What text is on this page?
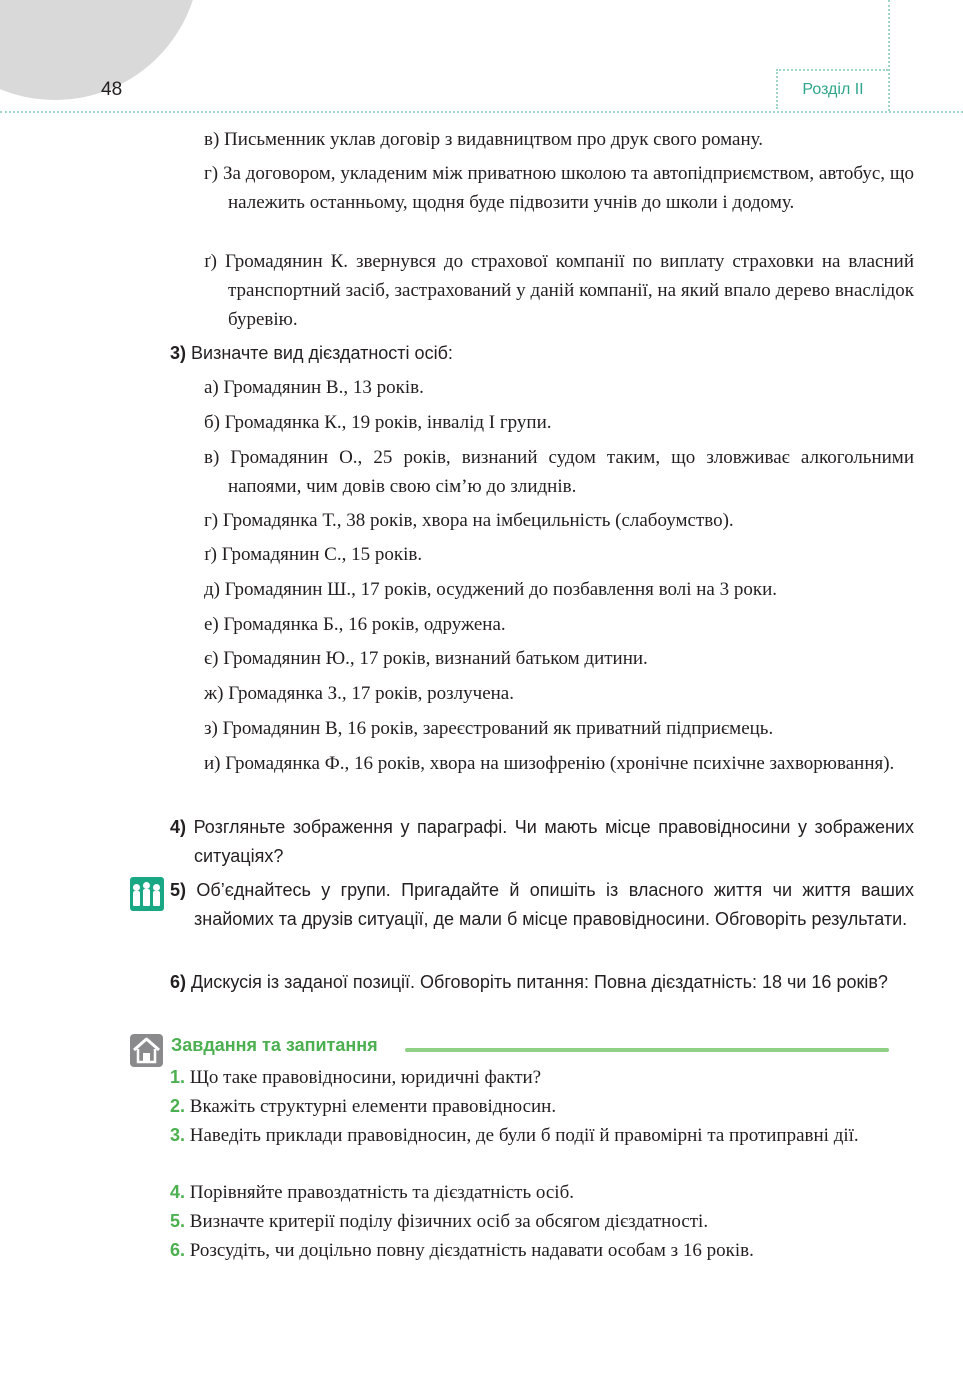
48	Розділ II
в) Письменник уклав договір з видавництвом про друк свого роману.
г) За договором, укладеним між приватною школою та автопідприємством, автобус, що належить останньому, щодня буде підвозити учнів до школи і додому.
ґ) Громадянин К. звернувся до страхової компанії по виплату страховки на власний транспортний засіб, застрахований у даній компанії, на який впало дерево внаслідок буревію.
3) Визначте вид дієздатності осіб:
а) Громадянин В., 13 років.
б) Громадянка К., 19 років, інвалід I групи.
в) Громадянин О., 25 років, визнаний судом таким, що зловживає алкогольними напоями, чим довів свою сім’ю до злиднів.
г) Громадянка Т., 38 років, хвора на імбецильність (слабоумство).
ґ) Громадянин С., 15 років.
д) Громадянин Ш., 17 років, осуджений до позбавлення волі на 3 роки.
е) Громадянка Б., 16 років, одружена.
є) Громадянин Ю., 17 років, визнаний батьком дитини.
ж) Громадянка З., 17 років, розлучена.
з) Громадянин В, 16 років, зареєстрований як приватний підприємець.
и) Громадянка Ф., 16 років, хвора на шизофренію (хронічне психічне захворювання).
4) Розгляньте зображення у параграфі. Чи мають місце правовідносини у зображених ситуаціях?
5) Об’єднайтесь у групи. Пригадайте й опишіть із власного життя чи життя ваших знайомих та друзів ситуації, де мали б місце правовідносини. Обговоріть результати.
6) Дискусія із заданої позиції. Обговоріть питання: Повна дієздатність: 18 чи 16 років?
Завдання та запитання
1. Що таке правовідносини, юридичні факти?
2. Вкажіть структурні елементи правовідносин.
3. Наведіть приклади правовідносин, де були б події й правомірні та протиправні дії.
4. Порівняйте правоздатність та дієздатність осіб.
5. Визначте критерії поділу фізичних осіб за обсягом дієздатності.
6. Розсудіть, чи доцільно повну дієздатність надавати особам з 16 років.
